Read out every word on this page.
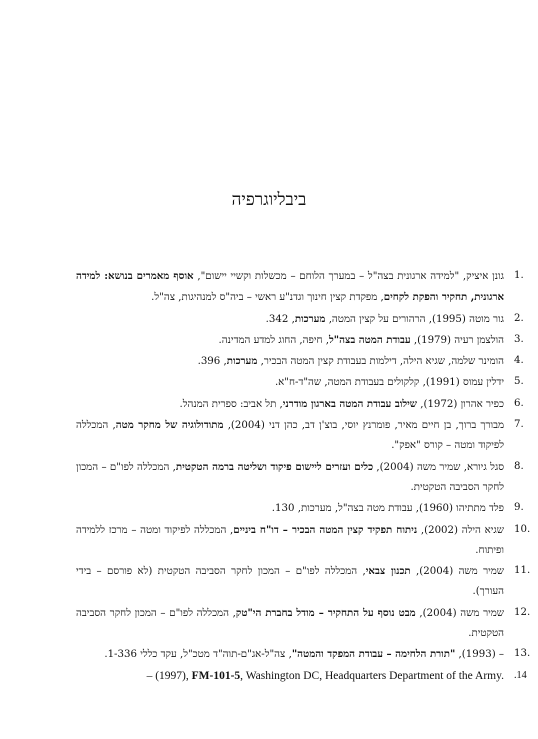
ביבליוגרפיה
1.
גונן איציק, "למידה ארגונית בצה"ל – במערך הלוחם – מכשלות וקשיי יישום", אוסף מאמרים בנושא: למידה ארגונית, תחקיר והפקת לקחים, מפקדת קצין חינוך וגדנ"ע ראשי – ביה"ס למנהיגות, צה"ל.
2.
גור מוטה (1995), הרהורים על קצין המטה, מערכות, 342.
3.
הולצמן רעיה (1979), עבודת המטה בצה"ל, חיפה, החוג למדע המדינה.
4.
הומינר שלמה, שגיא הילה, דילמות בעבודת קצין המטה הבכיר, מערכות, 396.
5.
ידלין עמוס (1991), קלקולים בעבודת המטה, שה"ד-ח"א.
6.
כפיר אהרון (1972), שילוב עבודת המטה בארגון מודרני, תל אביב: ספרית המנהל.
7.
מבורך ברוך, בן חיים מאיר, פומרנץ יוסי, בוצ'ן דב, כהן דני (2004), מתודולוגיה של מחקר מטה, המכללה לפיקוד ומטה – קורס "אפק".
8.
סגל גיורא, שמיר משה (2004), כלים ועזרים ליישום פיקוד ושליטה ברמה הטקטית, המכללה לפו"ם – המכון לחקר הסביבה הטקטית.
9.
פלד מתתיהו (1960), עבודת מטה בצה"ל, מערכות, 130.
10.
שגיא הילה (2002), ניתוח תפקיד קצין המטה הבכיר – דו"ח ביניים, המכללה לפיקוד ומטה – מרכז ללמידה ופיתוח.
11.
שמיר משה (2004), תכנון צבאי, המכללה לפו"ם – המכון לחקר הסביבה הטקטית (לא פורסם – בידי העורך).
12.
שמיר משה (2004), מבט נוסף על התחקיר – מודל בחברת הי"טק, המכללה לפו"ם – המכון לחקר הסביבה הטקטית.
13.
– (1993), "תורת הלחימה – עבודת המפקד והמטה", צה"ל-אג"ם-תוה"ד מטכ"ל, עקד כללי 1-336.
.14
– (1997), FM-101-5, Washington DC, Headquarters Department of the Army.
